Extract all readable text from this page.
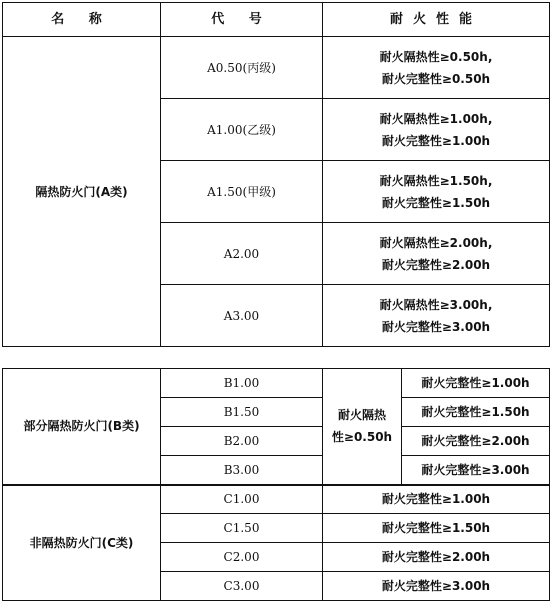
名 称	代 号	耐火性能
隔热防火门(A类)	A0.50(丙级)	耐火隔热性≥0.50h,
耐火完整性≥0.50h

	A1.00(乙级)	耐火隔热性≥1.00h,
耐火完整性≥1.00h

	A1.50(甲级)	耐火隔热性≥1.50h,
耐火完整性≥1.50h

	A2.00	耐火隔热性≥2.00h,
耐火完整性≥2.00h

	A3.00	耐火隔热性≥3.00h,
耐火完整性≥3.00h
部分隔热防火门(B类)	B1.00	耐火隔热
性≥0.50h	耐火完整性≥1.00h
	B1.50		耐火完整性≥1.50h
	B2.00		耐火完整性≥2.00h
	B3.00		耐火完整性≥3.00h
非隔热防火门(C类)	C1.00	耐火完整性≥1.00h	
	C1.50	耐火完整性≥1.50h	
	C2.00	耐火完整性≥2.00h	
	C3.00	耐火完整性≥3.00h	
